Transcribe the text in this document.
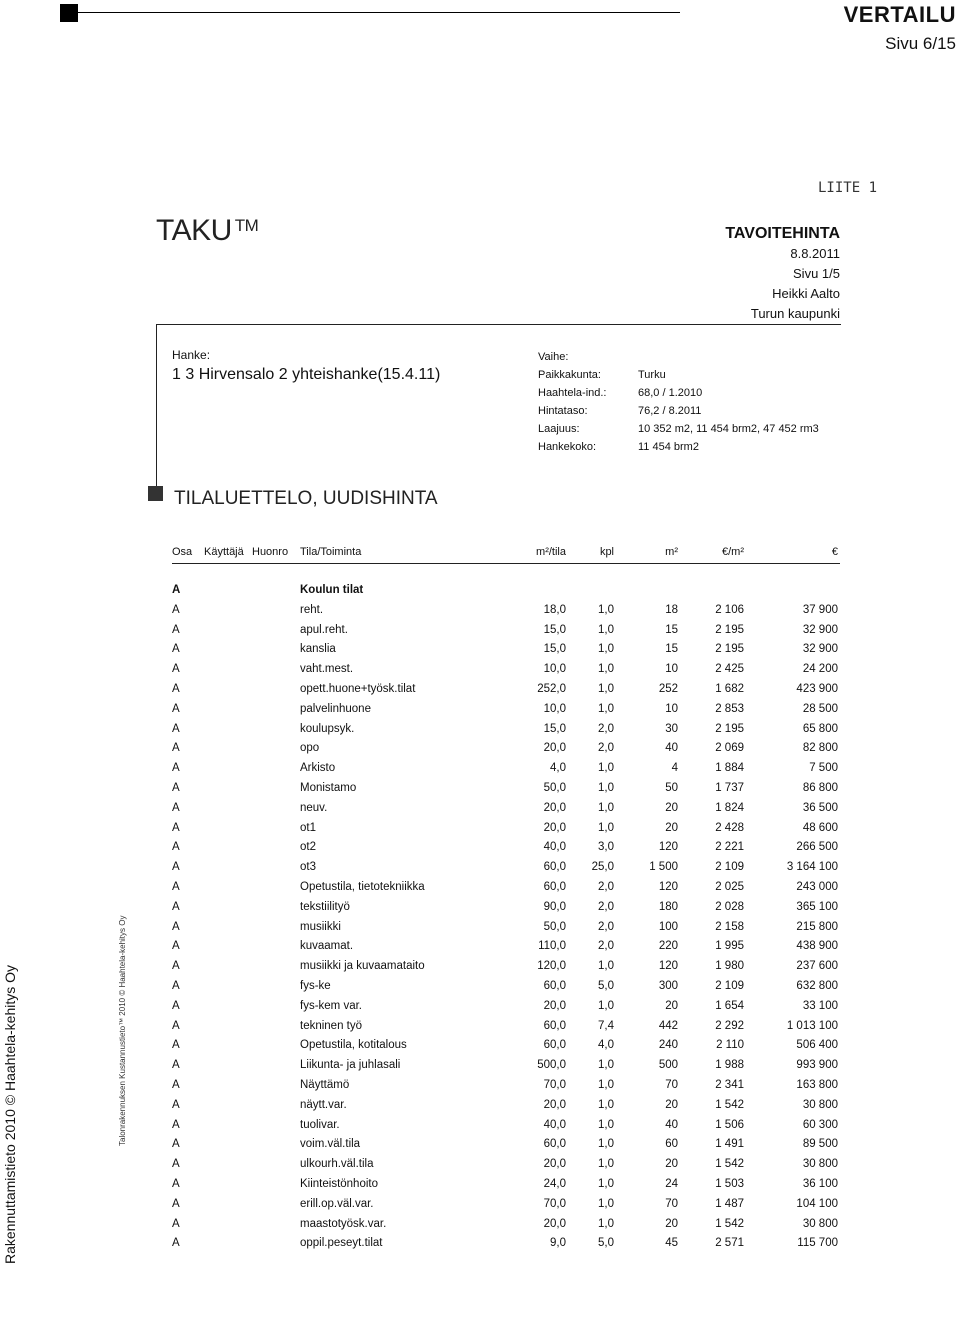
VERTAILU
Sivu 6/15
Rakennuttamistieto 2010 © Haahtela-kehitys Oy	Talonrakennuksen Kustannustieto™ 2010 © Haahtela-kehitys Oy
LIITE 1
TAKU ™	TAVOITEHINTA
8.8.2011
Sivu 1/5
Heikki Aalto
Turun kaupunki
Hanke:
1 3 Hirvensalo 2 yhteishanke(15.4.11)
Vaihe:
Paikkakunta:	Turku
Haahtela-ind.:	68,0 / 1.2010
Hintataso:	76,2 / 8.2011
Laajuus:	10 352 m2, 11 454 brm2, 47 452 rm3
Hankekoko:	11 454 brm2
TILALUETTELO, UUDISHINTA
Osa Käyttäjä Huonro Tila/Toiminta	m²/tila	kpl	m²	€/m²	€
A	Koulun tilat
A	reht.	18,0	1,0	18	2 106	37 900
A	apul.reht.	15,0	1,0	15	2 195	32 900
A	kanslia	15,0	1,0	15	2 195	32 900
A	vaht.mest.	10,0	1,0	10	2 425	24 200
A	opett.huone+työsk.tilat	252,0	1,0	252	1 682	423 900
A	palvelinhuone	10,0	1,0	10	2 853	28 500
A	koulupsyk.	15,0	2,0	30	2 195	65 800
A	opo	20,0	2,0	40	2 069	82 800
A	Arkisto	4,0	1,0	4	1 884	7 500
A	Monistamo	50,0	1,0	50	1 737	86 800
A	neuv.	20,0	1,0	20	1 824	36 500
A	ot1	20,0	1,0	20	2 428	48 600
A	ot2	40,0	3,0	120	2 221	266 500
A	ot3	60,0	25,0	1 500	2 109	3 164 100
A	Opetustila, tietotekniikka	60,0	2,0	120	2 025	243 000
A	tekstiilityö	90,0	2,0	180	2 028	365 100
A	musiikki	50,0	2,0	100	2 158	215 800
A	kuvaamat.	110,0	2,0	220	1 995	438 900
A	musiikki ja kuvaamataito	120,0	1,0	120	1 980	237 600
A	fys-ke	60,0	5,0	300	2 109	632 800
A	fys-kem var.	20,0	1,0	20	1 654	33 100
A	tekninen työ	60,0	7,4	442	2 292	1 013 100
A	Opetustila, kotitalous	60,0	4,0	240	2 110	506 400
A	Liikunta- ja juhlasali	500,0	1,0	500	1 988	993 900
A	Näyttämö	70,0	1,0	70	2 341	163 800
A	näytt.var.	20,0	1,0	20	1 542	30 800
A	tuolivar.	40,0	1,0	40	1 506	60 300
A	voim.väl.tila	60,0	1,0	60	1 491	89 500
A	ulkourh.väl.tila	20,0	1,0	20	1 542	30 800
A	Kiinteistönhoito	24,0	1,0	24	1 503	36 100
A	erill.op.väl.var.	70,0	1,0	70	1 487	104 100
A	maastotyösk.var.	20,0	1,0	20	1 542	30 800
A	oppil.peseyt.tilat	9,0	5,0	45	2 571	115 700
